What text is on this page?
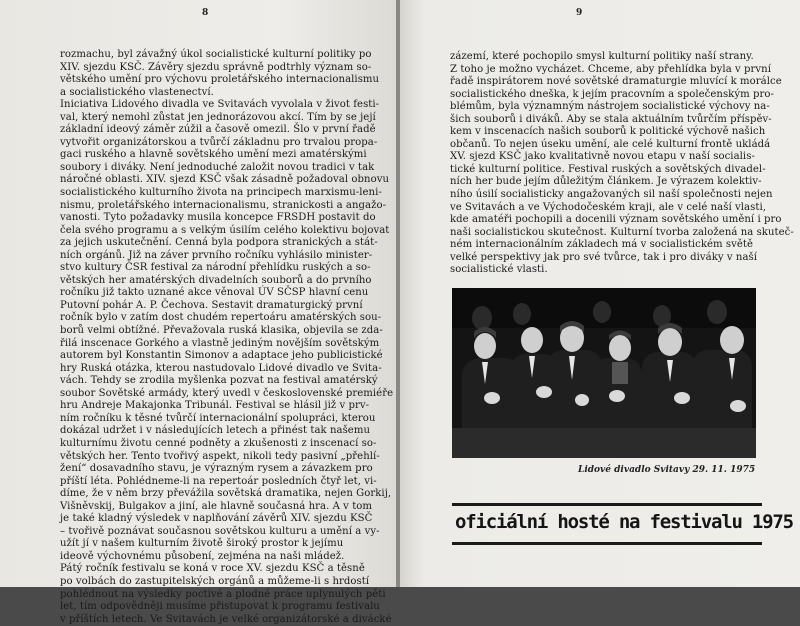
8
rozmachu, byl závažný úkol socialistické kulturní politiky po
XIV. sjezdu KSČ. Závěry sjezdu správně podtrhly význam so-
větského umění pro výchovu proletářského internacionalismu
a socialistického vlastenectví.
Iniciativa Lidového divadla ve Svitavách vyvolala v život festi-
val, který nemohl zůstat jen jednorázovou akcí. Tím by se její
základní ideový záměr zúžil a časově omezil. Šlo v první řadě
vytvořit organizátorskou a tvůrčí základnu pro trvalou propa-
gaci ruského a hlavně sovětského umění mezi amatérskými
soubory i diváky. Není jednoduché založit novou tradici v tak
náročné oblasti. XIV. sjezd KSČ však zásadně požadoval obnovu
socialistického kulturního života na principech marxismu-leni-
nismu, proletářského internacionalismu, stranickosti a angažo-
vanosti. Tyto požadavky musila koncepce FRSDH postavit do
čela svého programu a s velkým úsilím celého kolektivu bojovat
za jejich uskutečnění. Cenná byla podpora stranických a stát-
ních orgánů. Již na záver prvního ročníku vyhlásilo minister-
stvo kultury ČSR festival za národní přehlídku ruských a so-
větských her amatérských divadelních souborů a do prvního
ročníku již takto uznané akce věnoval ÚV SČSP hlavní cenu
Putovní pohár A. P. Čechova. Sestavit dramaturgický první
ročník bylo v zatím dost chudém repertoáru amatérských sou-
borů velmi obtížné. Převažovala ruská klasika, objevila se zda-
řilá inscenace Gorkého a vlastně jediným novějším sovětským
autorem byl Konstantin Simonov a adaptace jeho publicistické
hry Ruská otázka, kterou nastudovalo Lidové divadlo ve Svita-
vách. Tehdy se zrodila myšlenka pozvat na festival amatérský
soubor Sovětské armády, který uvedl v československé premiéře
hru Andreje Makajonka Tribunál. Festival se hlásil již v prv-
ním ročníku k těsné tvůrčí internacionální spolupráci, kterou
dokázal udržet i v následujících letech a přinést tak našemu
kulturnímu životu cenné podněty a zkušenosti z inscenací so-
větských her. Tento tvořivý aspekt, nikoli tedy pasivní „přehlí-
žení“ dosavadního stavu, je výrazným rysem a závazkem pro
příští léta. Pohlédneme-li na repertoár posledních čtyř let, vi-
díme, že v něm brzy převážila sovětská dramatika, nejen Gorkij,
Višněvskij, Bulgakov a jiní, ale hlavně současná hra. A v tom
je také kladný výsledek v naplňování závěrů XIV. sjezdu KSČ
– tvořivě poznávat současnou sovětskou kulturu a umění a vy-
užít jí v našem kulturním životě široký prostor k jejímu
ideově výchovnému působení, zejména na naši mládež.
Pátý ročník festivalu se koná v roce XV. sjezdu KSČ a těsně
po volbách do zastupitelských orgánů a můžeme-li s hrdostí
pohlédnout na výsledky poctivé a plodné práce uplynulých pěti
let, tím odpovědněji musíme přistupovat k programu festivalu
v příštích letech. Ve Svitavách je velké organizátorské a divácké
9
zázemí, které pochopilo smysl kulturní politiky naší strany.
Z toho je možno vycházet. Chceme, aby přehlídka byla v první
řadě inspirátorem nové sovětské dramaturgie mluvící k morálce
socialistického dneška, k jejím pracovním a společenským pro-
blémům, byla významným nástrojem socialistické výchovy na-
šich souborů i diváků. Aby se stala aktuálním tvůrčím příspěv-
kem v inscenacích našich souborů k politické výchově našich
občanů. To nejen úseku umění, ale celé kulturní frontě ukládá
XV. sjezd KSČ jako kvalitativně novou etapu v naší socialis-
tické kulturní politice. Festival ruských a sovětských divadel-
ních her bude jejím důležitým článkem. Je výrazem kolektiv-
ního úsilí socialisticky angažovaných sil naší společnosti nejen
ve Svitavách a ve Východočeském kraji, ale v celé naší vlasti,
kde amatéři pochopili a docenili význam sovětského umění i pro
naši socialistickou skutečnost. Kulturní tvorba založená na skuteč-
ném internacionálním základech má v socialistickém světě
velké perspektivy jak pro své tvůrce, tak i pro diváky v naší
socialistické vlasti.
Lidové divadlo Svitavy 29. 11. 1975
oficiální hosté na festivalu 1975
